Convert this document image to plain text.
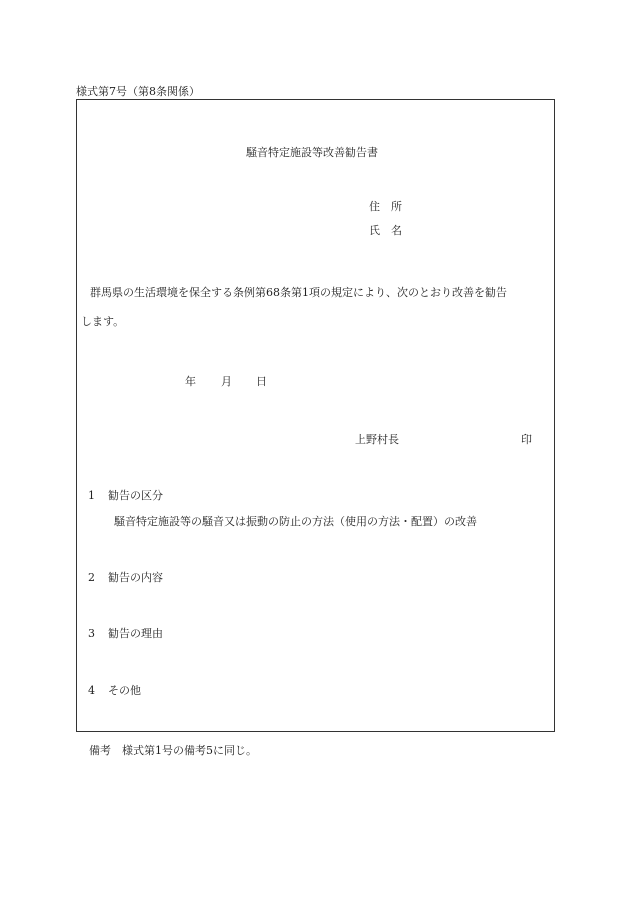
様式第7号（第8条関係）
騒音特定施設等改善勧告書
住　所
氏　名
群馬県の生活環境を保全する条例第68条第1項の規定により、次のとおり改善を勧告
します。
年 月 日
上野村長	印
1 勧告の区分
騒音特定施設等の騒音又は振動の防止の方法（使用の方法・配置）の改善
2 勧告の内容
3 勧告の理由
4 その他
備考　様式第1号の備考5に同じ。
